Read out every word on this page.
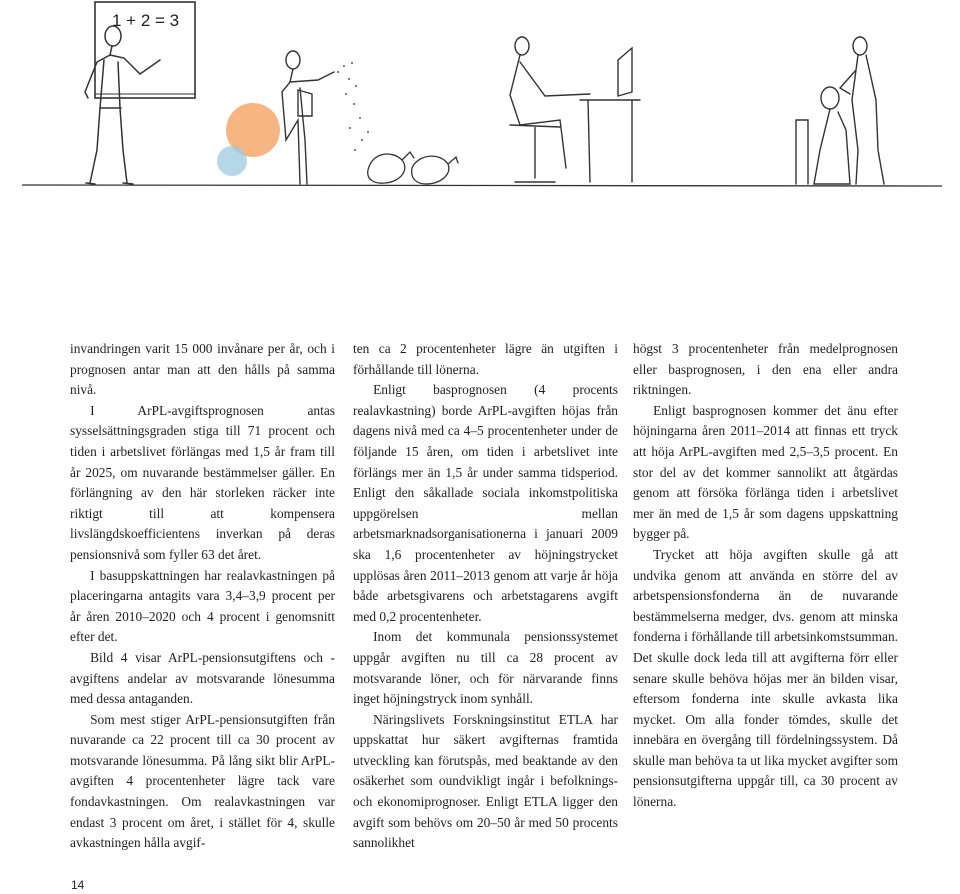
1 + 2 = 3

invandringen varit 15 000 invånare per år, och i prognosen antar man att den hålls på samma nivå.

I ArPL-avgiftsprognosen antas sysselsättningsgraden stiga till 71 procent och tiden i arbetslivet förlängas med 1,5 år fram till år 2025, om nuvarande bestämmelser gäller. En förlängning av den här storleken räcker inte riktigt till att kompensera livslängdskoefficientens inverkan på deras pensionsnivå som fyller 63 det året.

I basuppskattningen har realavkastningen på placeringarna antagits vara 3,4–3,9 procent per år åren 2010–2020 och 4 procent i genomsnitt efter det.

Bild 4 visar ArPL-pensionsutgiftens och -avgiftens andelar av motsvarande lönesumma med dessa antaganden.

Som mest stiger ArPL-pensionsutgiften från nuvarande ca 22 procent till ca 30 procent av motsvarande lönesumma. På lång sikt blir ArPL-avgiften 4 procentenheter lägre tack vare fondavkastningen. Om realavkastningen var endast 3 procent om året, i stället för 4, skulle avkastningen hålla avgif-

ten ca 2 procentenheter lägre än utgiften i förhållande till lönerna.

Enligt basprognosen (4 procents realavkastning) borde ArPL-avgiften höjas från dagens nivå med ca 4–5 procentenheter under de följande 15 åren, om tiden i arbetslivet inte förlängs mer än 1,5 år under samma tidsperiod. Enligt den såkallade sociala inkomstpolitiska uppgörelsen mellan arbetsmarknadsorganisationerna i januari 2009 ska 1,6 procentenheter av höjningstrycket upplösas åren 2011–2013 genom att varje år höja både arbetsgivarens och arbetstagarens avgift med 0,2 procentenheter.

Inom det kommunala pensionssystemet uppgår avgiften nu till ca 28 procent av motsvarande löner, och för närvarande finns inget höjningstryck inom synhåll.

Näringslivets Forskningsinstitut ETLA har uppskattat hur säkert avgifternas framtida utveckling kan förutspås, med beaktande av den osäkerhet som oundvikligt ingår i befolknings- och ekonomiprognoser. Enligt ETLA ligger den avgift som behövs om 20–50 år med 50 procents sannolikhet

högst 3 procentenheter från medelprognosen eller basprognosen, i den ena eller andra riktningen.

Enligt basprognosen kommer det änu efter höjningarna åren 2011–2014 att finnas ett tryck att höja ArPL-avgiften med 2,5–3,5 procent. En stor del av det kommer sannolikt att åtgärdas genom att försöka förlänga tiden i arbetslivet mer än med de 1,5 år som dagens uppskattning bygger på.

Trycket att höja avgiften skulle gå att undvika genom att använda en större del av arbetspensionsfonderna än de nuvarande bestämmelserna medger, dvs. genom att minska fonderna i förhållande till arbetsinkomstsumman. Det skulle dock leda till att avgifterna förr eller senare skulle behöva höjas mer än bilden visar, eftersom fonderna inte skulle avkasta lika mycket. Om alla fonder tömdes, skulle det innebära en övergång till fördelningssystem. Då skulle man behöva ta ut lika mycket avgifter som pensionsutgifterna uppgår till, ca 30 procent av lönerna.

14
